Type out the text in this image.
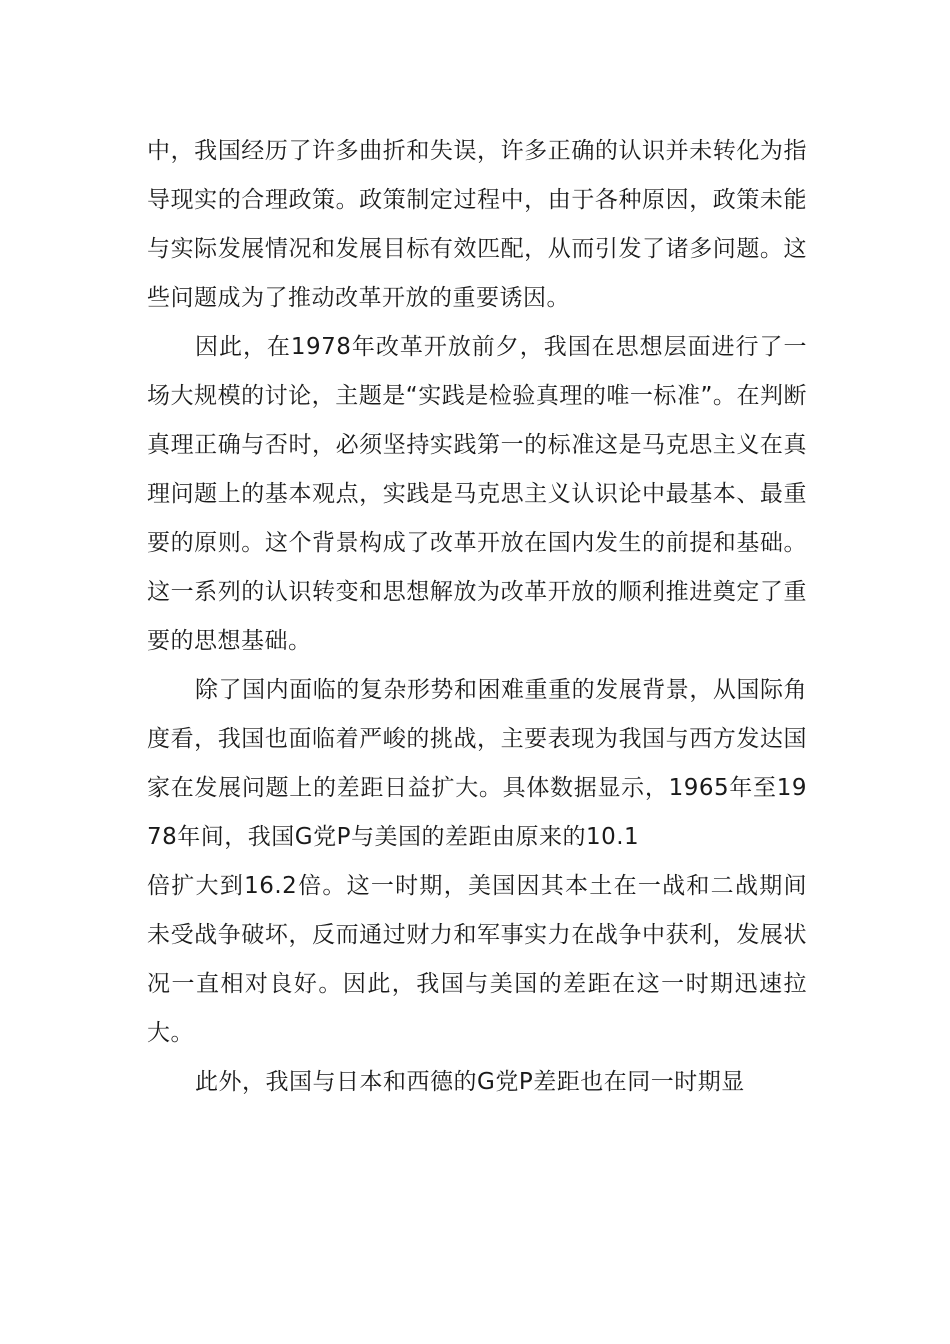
中，我国经历了许多曲折和失误，许多正确的认识并未转化为指导现实的合理政策。政策制定过程中，由于各种原因，政策未能与实际发展情况和发展目标有效匹配，从而引发了诸多问题。这些问题成为了推动改革开放的重要诱因。

因此，在1978年改革开放前夕，我国在思想层面进行了一场大规模的讨论，主题是“实践是检验真理的唯一标准”。在判断真理正确与否时，必须坚持实践第一的标准这是马克思主义在真理问题上的基本观点，实践是马克思主义认识论中最基本、最重要的原则。这个背景构成了改革开放在国内发生的前提和基础。这一系列的认识转变和思想解放为改革开放的顺利推进奠定了重要的思想基础。

除了国内面临的复杂形势和困难重重的发展背景，从国际角度看，我国也面临着严峻的挑战，主要表现为我国与西方发达国家在发展问题上的差距日益扩大。具体数据显示，1965年至1978年间，我国G党P与美国的差距由原来的10.1

倍扩大到16.2倍。这一时期，美国因其本土在一战和二战期间未受战争破坏，反而通过财力和军事实力在战争中获利，发展状况一直相对良好。因此，我国与美国的差距在这一时期迅速拉大。

此外，我国与日本和西德的G党P差距也在同一时期显
